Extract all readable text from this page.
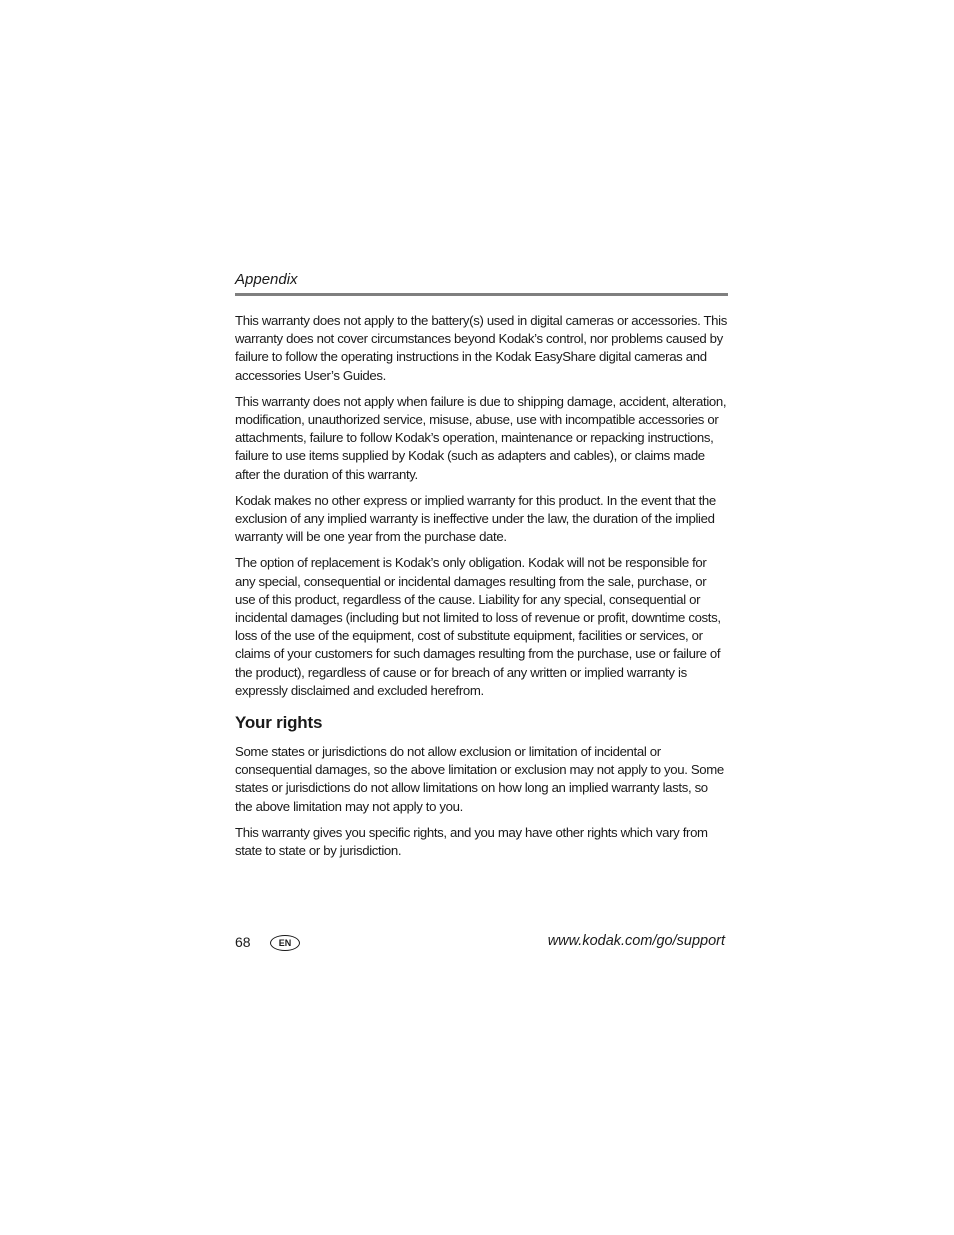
Appendix

This warranty does not apply to the battery(s) used in digital cameras or accessories. This warranty does not cover circumstances beyond Kodak’s control, nor problems caused by failure to follow the operating instructions in the Kodak EasyShare digital cameras and accessories User’s Guides.

This warranty does not apply when failure is due to shipping damage, accident, alteration, modification, unauthorized service, misuse, abuse, use with incompatible accessories or attachments, failure to follow Kodak’s operation, maintenance or repacking instructions, failure to use items supplied by Kodak (such as adapters and cables), or claims made after the duration of this warranty.

Kodak makes no other express or implied warranty for this product. In the event that the exclusion of any implied warranty is ineffective under the law, the duration of the implied warranty will be one year from the purchase date.

The option of replacement is Kodak’s only obligation. Kodak will not be responsible for any special, consequential or incidental damages resulting from the sale, purchase, or use of this product, regardless of the cause. Liability for any special, consequential or incidental damages (including but not limited to loss of revenue or profit, downtime costs, loss of the use of the equipment, cost of substitute equipment, facilities or services, or claims of your customers for such damages resulting from the purchase, use or failure of the product), regardless of cause or for breach of any written or implied warranty is expressly disclaimed and excluded herefrom.

Your rights

Some states or jurisdictions do not allow exclusion or limitation of incidental or consequential damages, so the above limitation or exclusion may not apply to you. Some states or jurisdictions do not allow limitations on how long an implied warranty lasts, so the above limitation may not apply to you.

This warranty gives you specific rights, and you may have other rights which vary from state to state or by jurisdiction.

68	EN	www.kodak.com/go/support
